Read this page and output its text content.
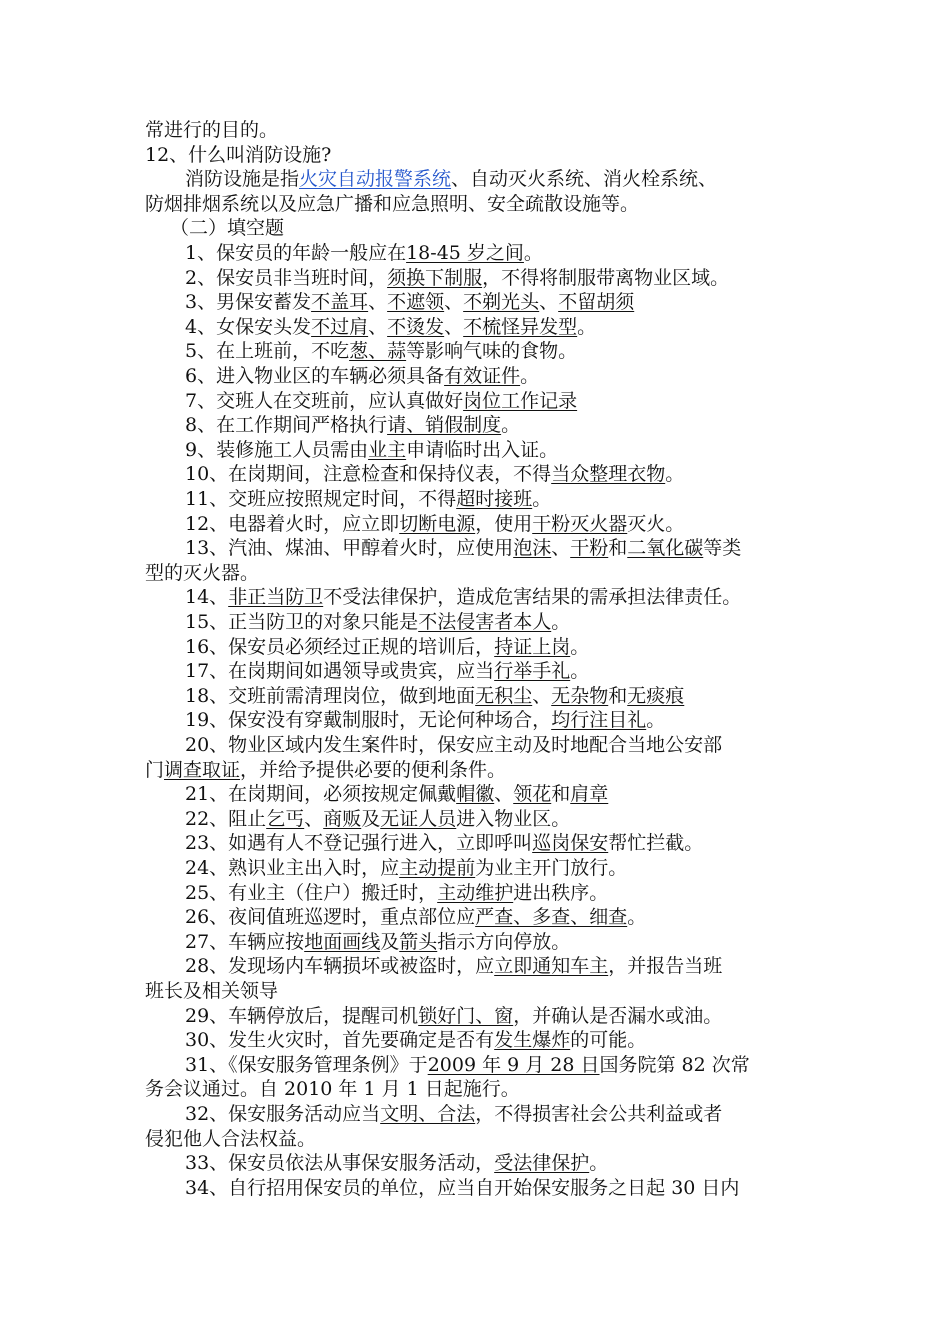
常进行的目的。
12、什么叫消防设施?
消防设施是指火灾自动报警系统、自动灭火系统、消火栓系统、
防烟排烟系统以及应急广播和应急照明、安全疏散设施等。
（二）填空题
1、保安员的年龄一般应在18-45 岁之间。
2、保安员非当班时间，须换下制服，不得将制服带离物业区域。
3、男保安蓄发不盖耳、不遮领、不剃光头、不留胡须
4、女保安头发不过肩、不烫发、不梳怪异发型。
5、在上班前，不吃葱、蒜等影响气味的食物。
6、进入物业区的车辆必须具备有效证件。
7、交班人在交班前，应认真做好岗位工作记录
8、在工作期间严格执行请、销假制度。
9、装修施工人员需由业主申请临时出入证。
10、在岗期间，注意检查和保持仪表，不得当众整理衣物。
11、交班应按照规定时间，不得超时接班。
12、电器着火时，应立即切断电源，使用干粉灭火器灭火。
13、汽油、煤油、甲醇着火时，应使用泡沫、干粉和二氧化碳等类
型的灭火器。
14、非正当防卫不受法律保护，造成危害结果的需承担法律责任。
15、正当防卫的对象只能是不法侵害者本人。
16、保安员必须经过正规的培训后，持证上岗。
17、在岗期间如遇领导或贵宾，应当行举手礼。
18、交班前需清理岗位，做到地面无积尘、无杂物和无痰痕
19、保安没有穿戴制服时，无论何种场合，均行注目礼。
20、物业区域内发生案件时，保安应主动及时地配合当地公安部
门调查取证，并给予提供必要的便利条件。
21、在岗期间，必须按规定佩戴帽徽、领花和肩章
22、阻止乞丐、商贩及无证人员进入物业区。
23、如遇有人不登记强行进入，立即呼叫巡岗保安帮忙拦截。
24、熟识业主出入时，应主动提前为业主开门放行。
25、有业主（住户）搬迁时，主动维护进出秩序。
26、夜间值班巡逻时，重点部位应严查、多查、细查。
27、车辆应按地面画线及箭头指示方向停放。
28、发现场内车辆损坏或被盗时，应立即通知车主，并报告当班
班长及相关领导
29、车辆停放后，提醒司机锁好门、窗，并确认是否漏水或油。
30、发生火灾时，首先要确定是否有发生爆炸的可能。
31、《保安服务管理条例》于2009 年 9 月 28 日国务院第 82 次常
务会议通过。自 2010 年 1 月 1 日起施行。
32、保安服务活动应当文明、合法，不得损害社会公共利益或者
侵犯他人合法权益。
33、保安员依法从事保安服务活动，受法律保护。
34、自行招用保安员的单位，应当自开始保安服务之日起 30 日内
